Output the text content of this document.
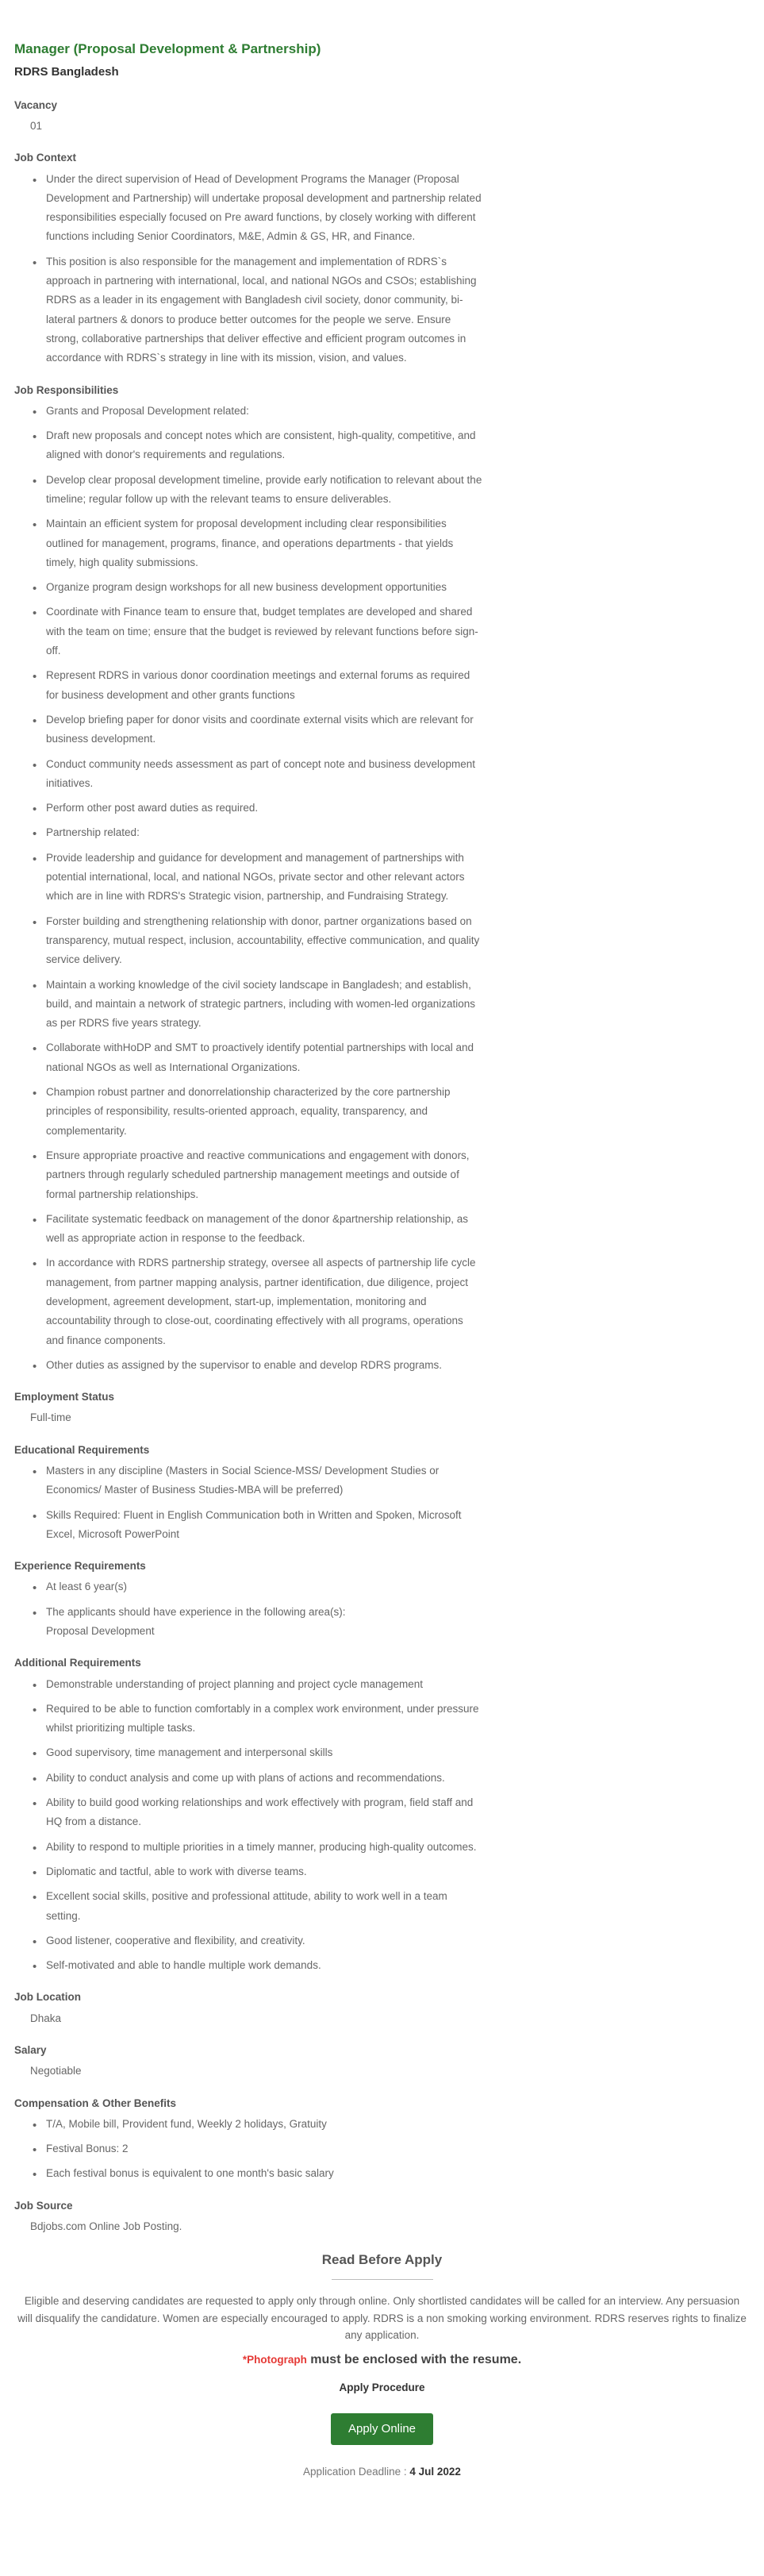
Manager (Proposal Development & Partnership)
RDRS Bangladesh
Vacancy
01
Job Context
• Under the direct supervision of Head of Development Programs the Manager (Proposal Development and Partnership) will undertake proposal development and partnership related responsibilities especially focused on Pre award functions, by closely working with different functions including Senior Coordinators, M&E, Admin & GS, HR, and Finance.
• This position is also responsible for the management and implementation of RDRS`s approach in partnering with international, local, and national NGOs and CSOs; establishing RDRS as a leader in its engagement with Bangladesh civil society, donor community, bi-lateral partners & donors to produce better outcomes for the people we serve. Ensure strong, collaborative partnerships that deliver effective and efficient program outcomes in accordance with RDRS`s strategy in line with its mission, vision, and values.
Job Responsibilities
• Grants and Proposal Development related:
• Draft new proposals and concept notes which are consistent, high-quality, competitive, and aligned with donor's requirements and regulations.
• Develop clear proposal development timeline, provide early notification to relevant about the timeline; regular follow up with the relevant teams to ensure deliverables.
• Maintain an efficient system for proposal development including clear responsibilities outlined for management, programs, finance, and operations departments - that yields timely, high quality submissions.
• Organize program design workshops for all new business development opportunities
• Coordinate with Finance team to ensure that, budget templates are developed and shared with the team on time; ensure that the budget is reviewed by relevant functions before sign-off.
• Represent RDRS in various donor coordination meetings and external forums as required for business development and other grants functions
• Develop briefing paper for donor visits and coordinate external visits which are relevant for business development.
• Conduct community needs assessment as part of concept note and business development initiatives.
• Perform other post award duties as required.
• Partnership related:
• Provide leadership and guidance for development and management of partnerships with potential international, local, and national NGOs, private sector and other relevant actors which are in line with RDRS's Strategic vision, partnership, and Fundraising Strategy.
• Forster building and strengthening relationship with donor, partner organizations based on transparency, mutual respect, inclusion, accountability, effective communication, and quality service delivery.
• Maintain a working knowledge of the civil society landscape in Bangladesh; and establish, build, and maintain a network of strategic partners, including with women-led organizations as per RDRS five years strategy.
• Collaborate withHoDP and SMT to proactively identify potential partnerships with local and national NGOs as well as International Organizations.
• Champion robust partner and donorrelationship characterized by the core partnership principles of responsibility, results-oriented approach, equality, transparency, and complementarity.
• Ensure appropriate proactive and reactive communications and engagement with donors, partners through regularly scheduled partnership management meetings and outside of formal partnership relationships.
• Facilitate systematic feedback on management of the donor &partnership relationship, as well as appropriate action in response to the feedback.
• In accordance with RDRS partnership strategy, oversee all aspects of partnership life cycle management, from partner mapping analysis, partner identification, due diligence, project development, agreement development, start-up, implementation, monitoring and accountability through to close-out, coordinating effectively with all programs, operations and finance components.
• Other duties as assigned by the supervisor to enable and develop RDRS programs.
Employment Status
Full-time
Educational Requirements
• Masters in any discipline (Masters in Social Science-MSS/ Development Studies or Economics/ Master of Business Studies-MBA will be preferred)
• Skills Required: Fluent in English Communication both in Written and Spoken, Microsoft Excel, Microsoft PowerPoint
Experience Requirements
• At least 6 year(s)
• The applicants should have experience in the following area(s):
Proposal Development
Additional Requirements
• Demonstrable understanding of project planning and project cycle management
• Required to be able to function comfortably in a complex work environment, under pressure whilst prioritizing multiple tasks.
• Good supervisory, time management and interpersonal skills
• Ability to conduct analysis and come up with plans of actions and recommendations.
• Ability to build good working relationships and work effectively with program, field staff and HQ from a distance.
• Ability to respond to multiple priorities in a timely manner, producing high-quality outcomes.
• Diplomatic and tactful, able to work with diverse teams.
• Excellent social skills, positive and professional attitude, ability to work well in a team setting.
• Good listener, cooperative and flexibility, and creativity.
• Self-motivated and able to handle multiple work demands.
Job Location
Dhaka
Salary
Negotiable
Compensation & Other Benefits
• T/A, Mobile bill, Provident fund, Weekly 2 holidays, Gratuity
• Festival Bonus: 2
• Each festival bonus is equivalent to one month's basic salary
Job Source
Bdjobs.com Online Job Posting.
Read Before Apply

Eligible and deserving candidates are requested to apply only through online. Only shortlisted candidates will be called for an interview. Any persuasion will disqualify the candidature. Women are especially encouraged to apply. RDRS is a non smoking working environment. RDRS reserves rights to finalize any application.

*Photograph must be enclosed with the resume.

Apply Procedure

Apply Online

Application Deadline : 4 Jul 2022
